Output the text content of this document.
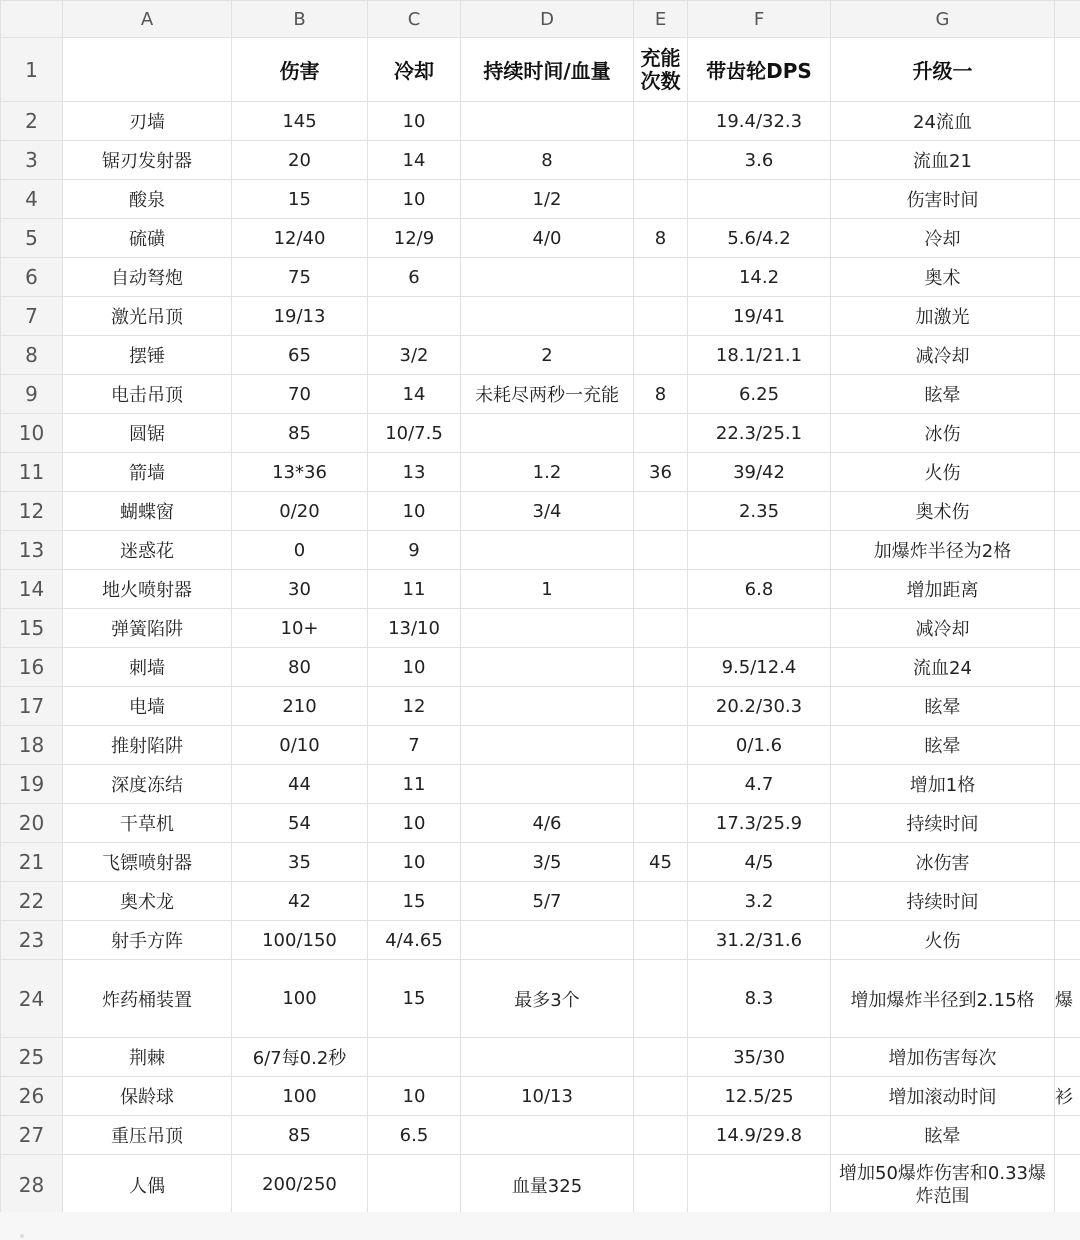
	A	B	C	D	E	F	G	
1		伤害	冷却	持续时间/血量	充能次数	带齿轮DPS	升级一	
2	刃墙	145	10			19.4/32.3	24流血	
3	锯刃发射器	20	14	8		3.6	流血21	
4	酸泉	15	10	1/2			伤害时间	
5	硫磺	12/40	12/9	4/0	8	5.6/4.2	冷却	
6	自动弩炮	75	6			14.2	奥术	
7	激光吊顶	19/13				19/41	加激光	
8	摆锤	65	3/2	2		18.1/21.1	减冷却	
9	电击吊顶	70	14	未耗尽两秒一充能	8	6.25	眩晕	
10	圆锯	85	10/7.5			22.3/25.1	冰伤	
11	箭墙	13*36	13	1.2	36	39/42	火伤	
12	蝴蝶窗	0/20	10	3/4		2.35	奥术伤	
13	迷惑花	0	9				加爆炸半径为2格	
14	地火喷射器	30	11	1		6.8	增加距离	
15	弹簧陷阱	10+	13/10				减冷却	
16	刺墙	80	10			9.5/12.4	流血24	
17	电墙	210	12			20.2/30.3	眩晕	
18	推射陷阱	0/10	7			0/1.6	眩晕	
19	深度冻结	44	11			4.7	增加1格	
20	干草机	54	10	4/6		17.3/25.9	持续时间	
21	飞镖喷射器	35	10	3/5	45	4/5	冰伤害	
22	奥术龙	42	15	5/7		3.2	持续时间	
23	射手方阵	100/150	4/4.65			31.2/31.6	火伤	
24	炸药桶装置	100	15	最多3个		8.3	增加爆炸半径到2.15格	爆
25	荆棘	6/7每0.2秒				35/30	增加伤害每次	
26	保龄球	100	10	10/13		12.5/25	增加滚动时间	衫
27	重压吊顶	85	6.5			14.9/29.8	眩晕	
28	人偶	200/250		血量325			增加50爆炸伤害和0.33爆炸范围	
